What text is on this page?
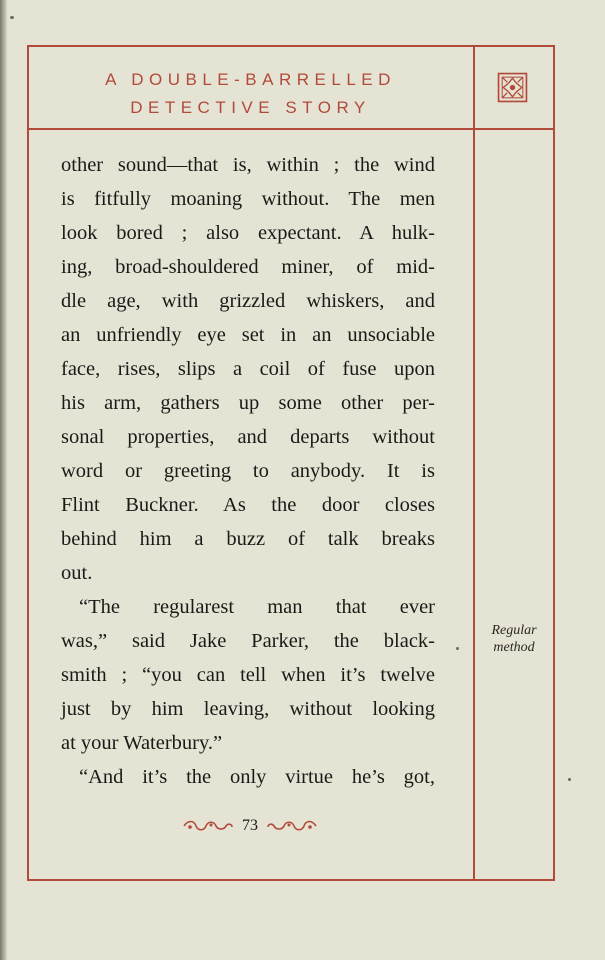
A DOUBLE-BARRELLED
DETECTIVE STORY
other sound—that is, within ; the wind
is fitfully moaning without. The men
look bored ; also expectant. A hulk-
ing, broad-shouldered miner, of mid-
dle age, with grizzled whiskers, and
an unfriendly eye set in an unsociable
face, rises, slips a coil of fuse upon
his arm, gathers up some other per-
sonal properties, and departs without
word or greeting to anybody. It is
Flint Buckner. As the door closes
behind him a buzz of talk breaks
out.
“The regularest man that ever
was,” said Jake Parker, the black-
smith ; “you can tell when it’s twelve
just by him leaving, without looking
at your Waterbury.”
“And it’s the only virtue he’s got,
Regular
method
73
